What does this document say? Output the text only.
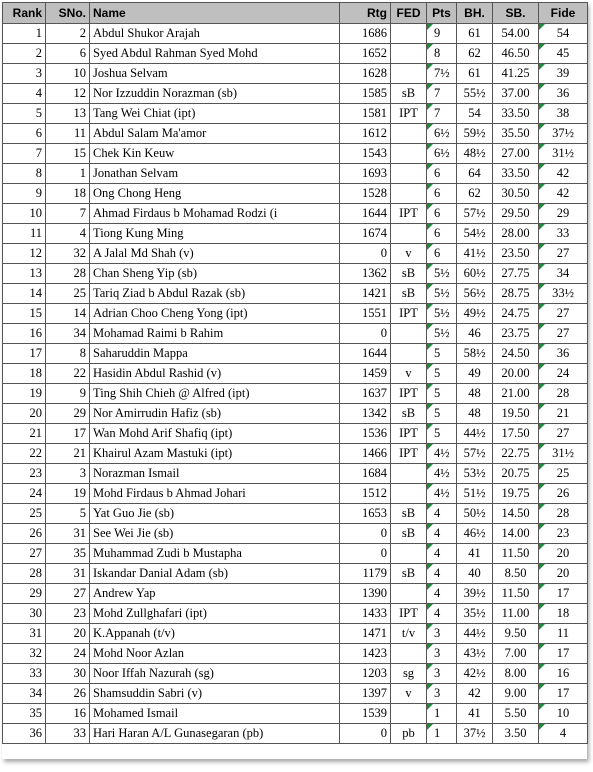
Rank	SNo.	Name	Rtg	FED	Pts	BH.	SB.	Fide
1	2	Abdul Shukor Arajah	1686		9	61	54.00	54
2	6	Syed Abdul Rahman Syed Mohd	1652		8	62	46.50	45
3	10	Joshua Selvam	1628		7½	61	41.25	39
4	12	Nor Izzuddin Norazman (sb)	1585	sB	7	55½	37.00	36
5	13	Tang Wei Chiat (ipt)	1581	IPT	7	54	33.50	38
6	11	Abdul Salam Ma'amor	1612		6½	59½	35.50	37½
7	15	Chek Kin Keuw	1543		6½	48½	27.00	31½
8	1	Jonathan Selvam	1693		6	64	33.50	42
9	18	Ong Chong Heng	1528		6	62	30.50	42
10	7	Ahmad Firdaus b Mohamad Rodzi (i	1644	IPT	6	57½	29.50	29
11	4	Tiong Kung Ming	1674		6	54½	28.00	33
12	32	A Jalal Md Shah (v)	0	v	6	41½	23.50	27
13	28	Chan Sheng Yip (sb)	1362	sB	5½	60½	27.75	34
14	25	Tariq Ziad b Abdul Razak (sb)	1421	sB	5½	56½	28.75	33½
15	14	Adrian Choo Cheng Yong (ipt)	1551	IPT	5½	49½	24.75	27
16	34	Mohamad Raimi b Rahim	0		5½	46	23.75	27
17	8	Saharuddin Mappa	1644		5	58½	24.50	36
18	22	Hasidin Abdul Rashid (v)	1459	v	5	49	20.00	24
19	9	Ting Shih Chieh @ Alfred (ipt)	1637	IPT	5	48	21.00	28
20	29	Nor Amirrudin Hafiz (sb)	1342	sB	5	48	19.50	21
21	17	Wan Mohd Arif Shafiq (ipt)	1536	IPT	5	44½	17.50	27
22	21	Khairul Azam Mastuki (ipt)	1466	IPT	4½	57½	22.75	31½
23	3	Norazman Ismail	1684		4½	53½	20.75	25
24	19	Mohd Firdaus b Ahmad Johari	1512		4½	51½	19.75	26
25	5	Yat Guo Jie (sb)	1653	sB	4	50½	14.50	28
26	31	See Wei Jie (sb)	0	sB	4	46½	14.00	23
27	35	Muhammad Zudi b Mustapha	0		4	41	11.50	20
28	31	Iskandar Danial Adam (sb)	1179	sB	4	40	8.50	20
29	27	Andrew Yap	1390		4	39½	11.50	17
30	23	Mohd Zullghafari (ipt)	1433	IPT	4	35½	11.00	18
31	20	K.Appanah (t/v)	1471	t/v	3	44½	9.50	11
32	24	Mohd Noor Azlan	1423		3	43½	7.00	17
33	30	Noor Iffah Nazurah (sg)	1203	sg	3	42½	8.00	16
34	26	Shamsuddin Sabri (v)	1397	v	3	42	9.00	17
35	16	Mohamed Ismail	1539		1	41	5.50	10
36	33	Hari Haran A/L Gunasegaran (pb)	0	pb	1	37½	3.50	4
